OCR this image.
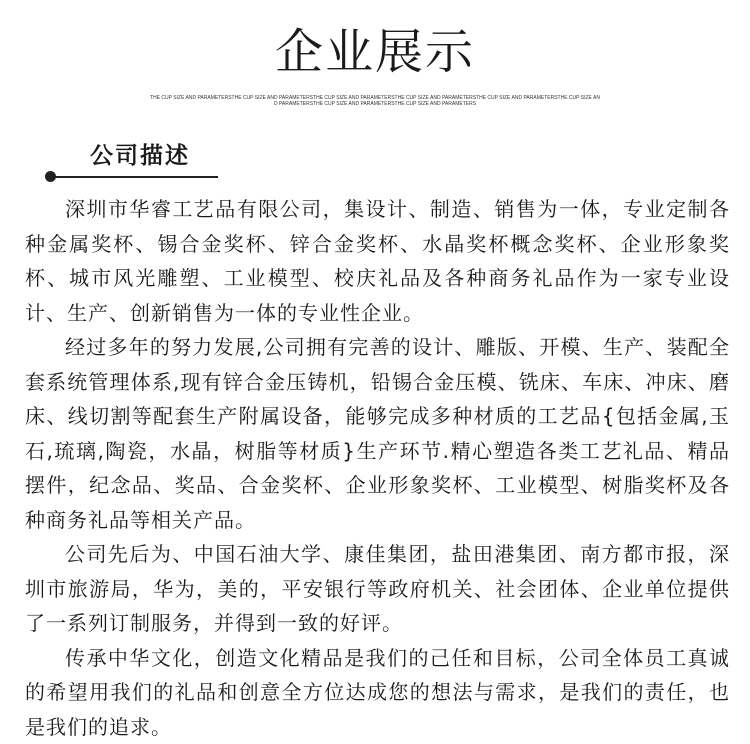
企业展示
THE CUP SIZE AND PARAMETERSTHE CUP SIZE AND PARAMETERSTHE CUP SIZE AND PARAMETERSTHE CUP SIZE AND PARAMETERSTHE CUP SIZE AND PARAMETERSTHE CUP SIZE AND PARAMETERSTHE CUP SIZE AND PARAMETERSTHE CUP SIZE AND PARAMETERS
公司描述

深圳市华睿工艺品有限公司，集设计、制造、销售为一体，专业定制各种金属奖杯、锡合金奖杯、锌合金奖杯、水晶奖杯概念奖杯、企业形象奖杯、城市风光雕塑、工业模型、校庆礼品及各种商务礼品作为一家专业设计、生产、创新销售为一体的专业性企业。

经过多年的努力发展,公司拥有完善的设计、雕版、开模、生产、装配全套系统管理体系,现有锌合金压铸机，铅锡合金压模、铣床、车床、冲床、磨床、线切割等配套生产附属设备，能够完成多种材质的工艺品{包括金属,玉石,琉璃,陶瓷，水晶，树脂等材质}生产环节.精心塑造各类工艺礼品、精品摆件，纪念品、奖品、合金奖杯、企业形象奖杯、工业模型、树脂奖杯及各种商务礼品等相关产品。

公司先后为、中国石油大学、康佳集团，盐田港集团、南方都市报，深圳市旅游局，华为，美的，平安银行等政府机关、社会团体、企业单位提供了一系列订制服务，并得到一致的好评。

传承中华文化，创造文化精品是我们的己任和目标，公司全体员工真诚的希望用我们的礼品和创意全方位达成您的想法与需求，是我们的责任，也是我们的追求。
